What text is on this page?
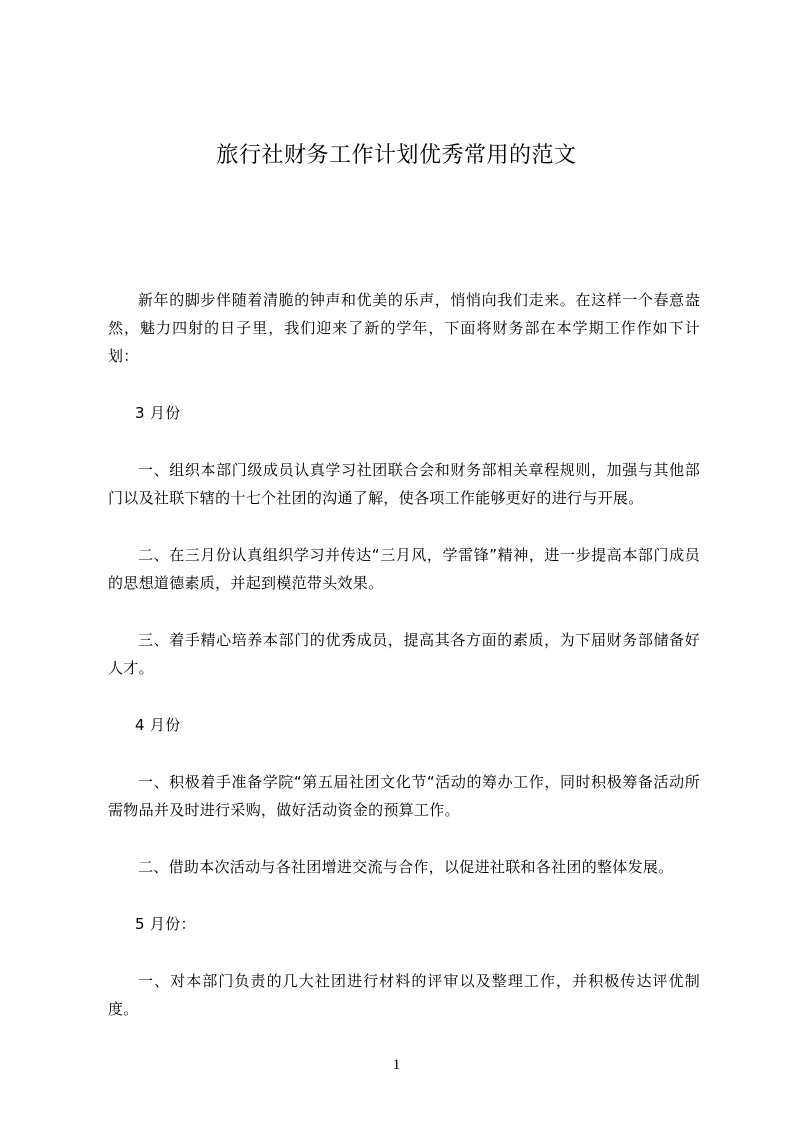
旅行社财务工作计划优秀常用的范文

新年的脚步伴随着清脆的钟声和优美的乐声，悄悄向我们走来。在这样一个春意盎然，魅力四射的日子里，我们迎来了新的学年，下面将财务部在本学期工作作如下计划：

3 月份

一、组织本部门级成员认真学习社团联合会和财务部相关章程规则，加强与其他部门以及社联下辖的十七个社团的沟通了解，使各项工作能够更好的进行与开展。

二、在三月份认真组织学习并传达“三月风，学雷锋”精神，进一步提高本部门成员的思想道德素质，并起到模范带头效果。

三、着手精心培养本部门的优秀成员，提高其各方面的素质，为下届财务部储备好人才。

4 月份

一、积极着手准备学院“第五届社团文化节“活动的筹办工作，同时积极筹备活动所需物品并及时进行采购，做好活动资金的预算工作。

二、借助本次活动与各社团增进交流与合作，以促进社联和各社团的整体发展。

5 月份：

一、对本部门负责的几大社团进行材料的评审以及整理工作，并积极传达评优制度。

1
